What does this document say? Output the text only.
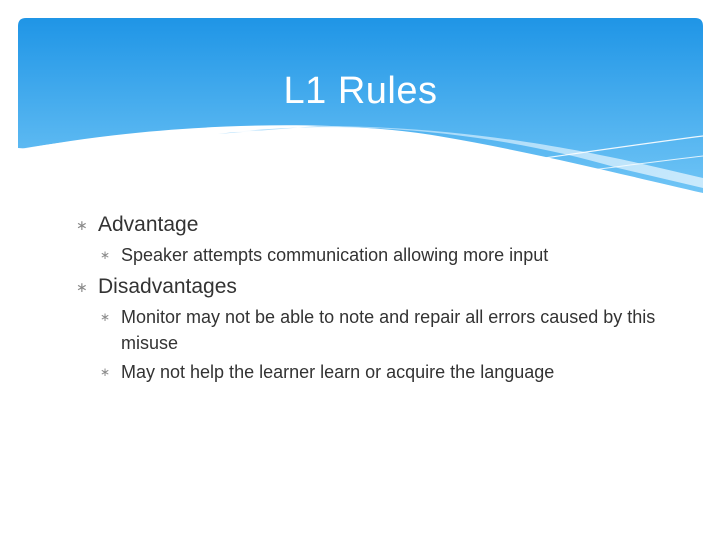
L1 Rules
∗ Advantage
∗ Speaker attempts communication allowing more input
∗ Disadvantages
∗ Monitor may not be able to note and repair all errors caused by this misuse
∗ May not help the learner learn or acquire the language
